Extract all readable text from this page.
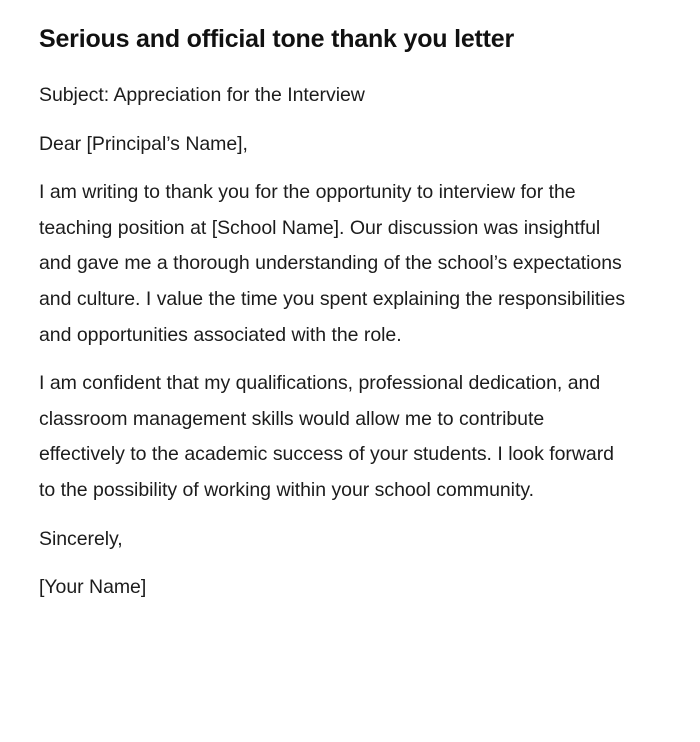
Serious and official tone thank you letter

Subject: Appreciation for the Interview

Dear [Principal’s Name],

I am writing to thank you for the opportunity to interview for the teaching position at [School Name]. Our discussion was insightful and gave me a thorough understanding of the school’s expectations and culture. I value the time you spent explaining the responsibilities and opportunities associated with the role.

I am confident that my qualifications, professional dedication, and classroom management skills would allow me to contribute effectively to the academic success of your students. I look forward to the possibility of working within your school community.

Sincerely,

[Your Name]
